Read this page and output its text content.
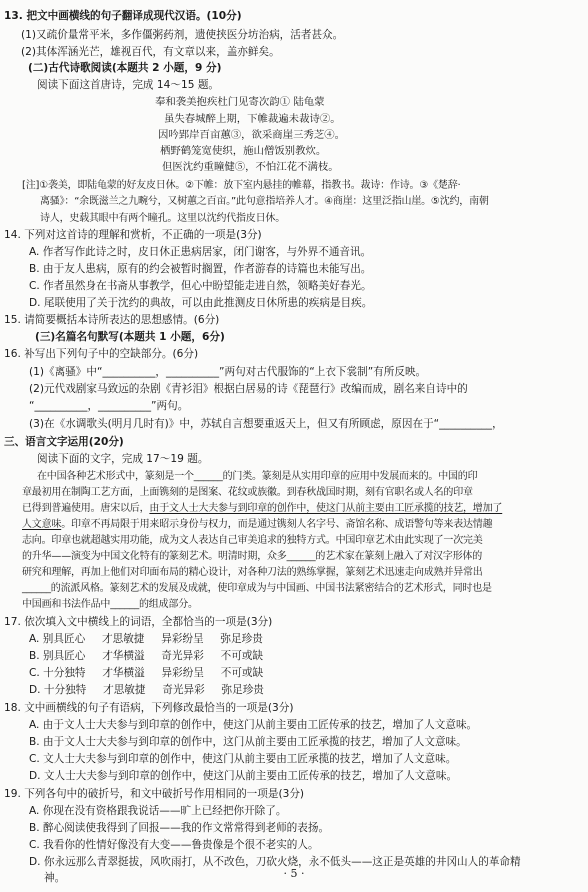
13. 把文中画横线的句子翻译成现代汉语。(10分)
(1)又疏价量常平米，多作僵粥药剂，遗使挟医分坊治病，活者甚众。
(2)其体浑涵光芒，雄视百代，有文章以来，盖亦鲜矣。
(二)古代诗歌阅读(本题共 2 小题，9 分)
阅读下面这首唐诗，完成 14～15 题。
奉和袭美抱疾杜门见寄次韵① 陆龟蒙
虽失春城醉上期，下帷裁遍未裁诗②。
因吟郢岸百亩蕙③，欲采商崖三秀芝④。
栖野鹤笼宽使织，施山僧饭别教炊。
但医沈约重瞳健⑤，不怕江花不满枝。
[注]①袭美，即陆龟蒙的好友皮日休。②下帷：放下室内悬挂的帷幕，指教书。裁诗：作诗。③《楚辞·
离骚》：“余既滋兰之九畹兮，又树蕙之百亩。”此句意指培养人才。④商崖：这里泛指山崖。⑤沈约，南朝
诗人，史载其眼中有两个瞳孔。这里以沈约代指皮日休。
14. 下列对这首诗的理解和赏析，不正确的一项是(3分)
A. 作者写作此诗之时，皮日休正患病居家，闭门谢客，与外界不通音讯。
B. 由于友人患病，原有的约会被暂时搁置，作者游春的诗篇也未能写出。
C. 作者虽然身在书斋从事教学，但心中盼望能走进自然，领略美好春光。
D. 尾联使用了关于沈约的典故，可以由此推测皮日休所患的疾病是目疾。
15. 请简要概括本诗所表达的思想感情。(6分)
(三)名篇名句默写(本题共 1 小题，6分)
16. 补写出下列句子中的空缺部分。(6分)
(1)《离骚》中“__________，__________”两句对古代服饰的“上衣下裳制”有所反映。
(2)元代戏剧家马致远的杂剧《青衫泪》根据白居易的诗《琵琶行》改编而成，剧名来自诗中的
“__________，__________”两句。
(3)在《水调歌头(明月几时有)》中，苏轼自言想要重返天上，但又有所顾虑，原因在于“__________，
三、语言文字运用(20分)
阅读下面的文字，完成 17～19 题。
在中国各种艺术形式中，篆刻是一个______的门类。篆刻是从实用印章的应用中发展而来的。中国的印
章最初用在制陶工艺方面，上面镌刻的是图案、花纹或族徽。到春秋战国时期，刻有官职名或人名的印章
已得到普遍使用。唐宋以后，由于文人士大夫参与到印章的创作中，使这门从前主要由工匠承揽的技艺，增加了
人文意味。印章不再局限于用来昭示身份与权力，而是通过镌刻人名字号、斋馆名称、成语警句等来表达情趣
志向。印章也就超越实用功能，成为文人表达自己审美追求的独特方式。中国印章艺术由此实现了一次完美
的升华——演变为中国文化特有的篆刻艺术。明清时期，众多______的艺术家在篆刻上融入了对汉字形体的
研究和理解，再加上他们对印面布局的精心设计，对各种刀法的熟练掌握，篆刻艺术迅速走向成熟并异常出
______的流派风格。篆刻艺术的发展及成就，使印章成为与中国画、中国书法紧密结合的艺术形式，同时也是
中国画和书法作品中______的组成部分。
17. 依次填入文中横线上的词语，全都恰当的一项是(3分)
A. 别具匠心     才思敏捷     异彩纷呈     弥足珍贵
B. 别具匠心     才华横溢     奇光异彩     不可或缺
C. 十分独特     才华横溢     异彩纷呈     不可或缺
D. 十分独特     才思敏捷     奇光异彩     弥足珍贵
18. 文中画横线的句子有语病，下列修改最恰当的一项是(3分)
A. 由于文人士大夫参与到印章的创作中，使这门从前主要由工匠传承的技艺，增加了人文意味。
B. 由于文人士大夫参与到印章的创作中，这门从前主要由工匠承揽的技艺，增加了人文意味。
C. 文人士大夫参与到印章的创作中，使这门从前主要由工匠承揽的技艺，增加了人文意味。
D. 文人士大夫参与到印章的创作中，使这门从前主要由工匠传承的技艺，增加了人文意味。
19. 下列各句中的破折号，和文中破折号作用相同的一项是(3分)
A. 你现在没有资格跟我说话——旷上已经把你开除了。
B. 醉心阅读使我得到了回报——我的作文常常得到老师的表扬。
C. 我看你的性情好像没有大变——鲁贵像是个很不老实的人。
D. 你永远那么青翠挺拔，风吹雨打，从不改色，刀砍火烧，永不低头——这正是英雄的井冈山人的革命精
神。	· 5 ·
